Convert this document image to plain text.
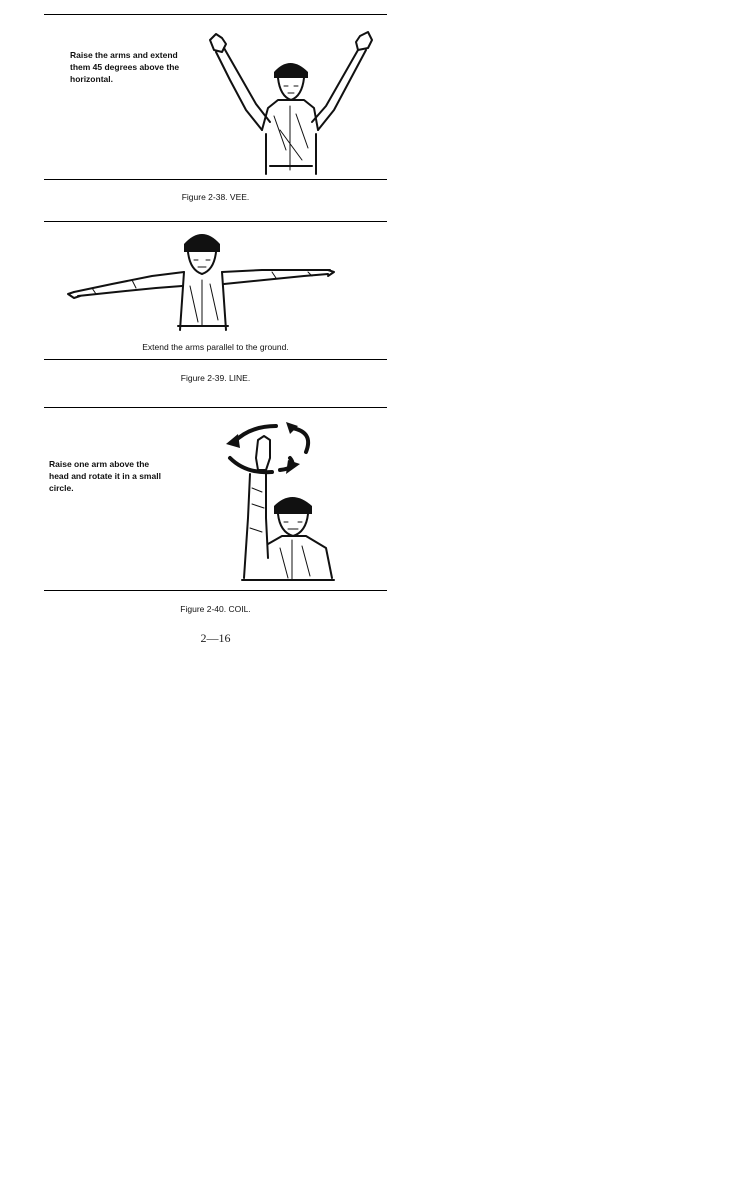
Raise the arms and extend them 45 degrees above the horizontal.
Figure 2-38. VEE.
Extend the arms parallel to the ground.
Figure 2-39. LINE.
Raise one arm above the head and rotate it in a small circle.
Figure 2-40. COIL.
2—16
